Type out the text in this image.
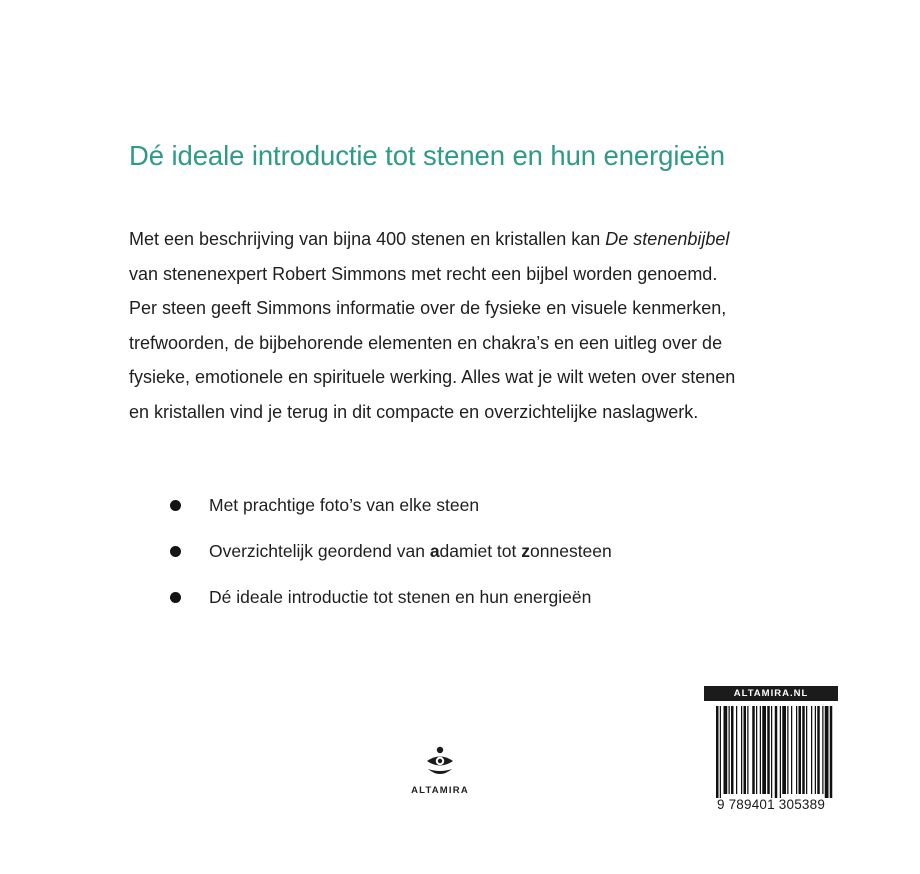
Dé ideale introductie tot stenen en hun energieën

Met een beschrijving van bijna 400 stenen en kristallen kan De stenenbijbel
van stenenexpert Robert Simmons met recht een bijbel worden genoemd.
Per steen geeft Simmons informatie over de fysieke en visuele kenmerken,
trefwoorden, de bijbehorende elementen en chakra’s en een uitleg over de
fysieke, emotionele en spirituele werking. Alles wat je wilt weten over stenen
en kristallen vind je terug in dit compacte en overzichtelijke naslagwerk.

Met prachtige foto’s van elke steen
Overzichtelijk geordend van adamiet tot zonnesteen
Dé ideale introductie tot stenen en hun energieën
ALTAMIRA
ALTAMIRA.NL
9 789401 305389
